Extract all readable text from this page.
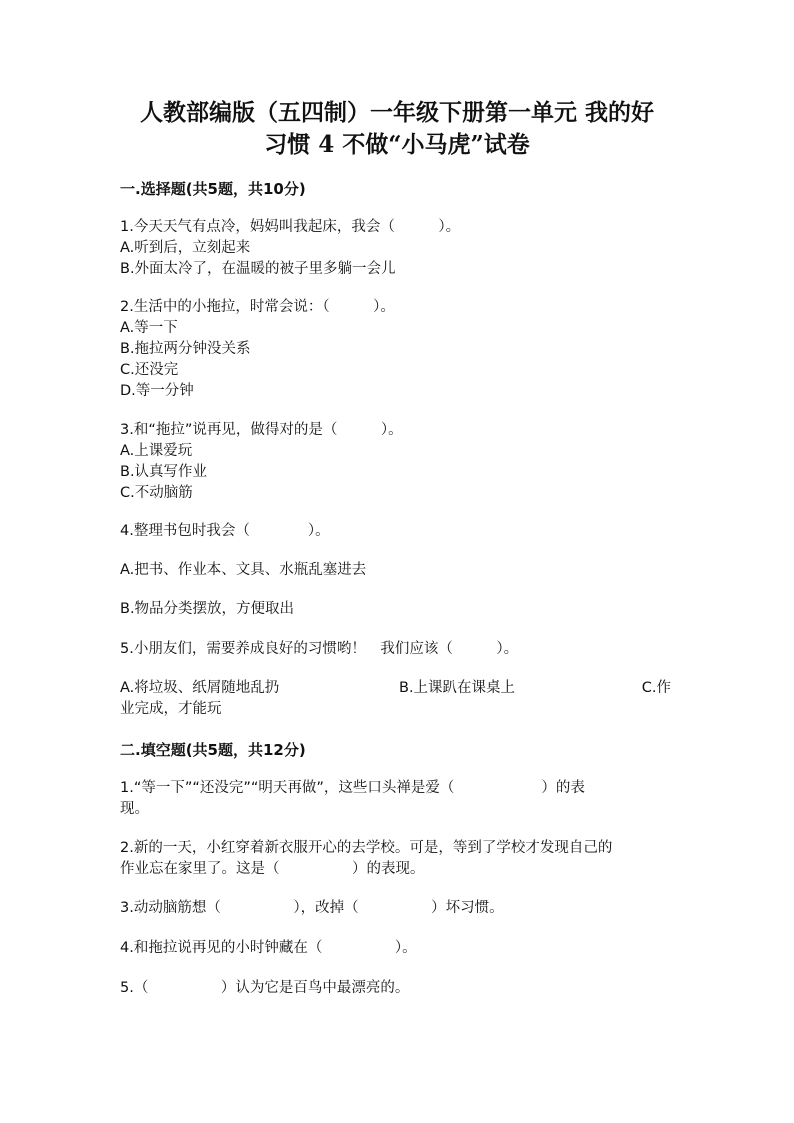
人教部编版（五四制）一年级下册第一单元 我的好
习惯 4 不做“小马虎”试卷
一.选择题(共5题，共10分)
1.今天天气有点冷，妈妈叫我起床，我会（　　　）。
A.听到后，立刻起来
B.外面太冷了，在温暖的被子里多躺一会儿
2.生活中的小拖拉，时常会说：（　　　）。
A.等一下
B.拖拉两分钟没关系
C.还没完
D.等一分钟
3.和“拖拉”说再见，做得对的是（　　　）。
A.上课爱玩
B.认真写作业
C.不动脑筋
4.整理书包时我会（　　　　）。
A.把书、作业本、文具、水瓶乱塞进去
B.物品分类摆放，方便取出
5.小朋友们，需要养成良好的习惯哟！　我们应该（　　　）。
A.将垃圾、纸屑随地乱扔	B.上课趴在课桌上	C.作
业完成，才能玩
二.填空题(共5题，共12分)
1.“等一下”“还没完”“明天再做”，这些口头禅是爱（　　　　　　）的表
现。
2.新的一天，小红穿着新衣服开心的去学校。可是，等到了学校才发现自己的
作业忘在家里了。这是（　　　　　）的表现。
3.动动脑筋想（　　　　　），改掉（　　　　　）坏习惯。
4.和拖拉说再见的小时钟藏在（　　　　　）。
5.（　　　　　）认为它是百鸟中最漂亮的。
